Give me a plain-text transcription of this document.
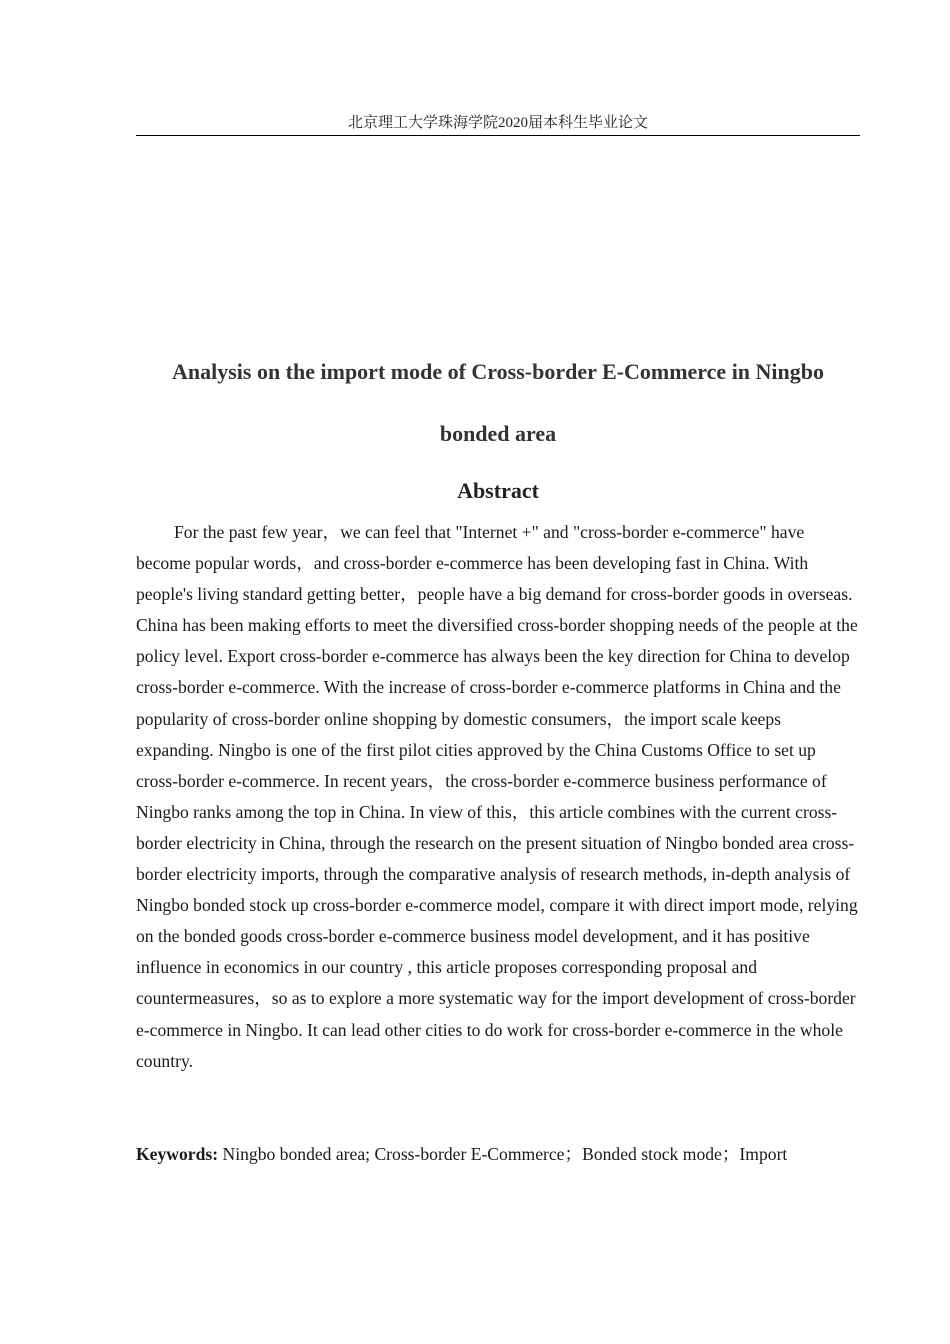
北京理工大学珠海学院2020届本科生毕业论文
Analysis on the import mode of Cross-border E-Commerce in Ningbo
bonded area
Abstract

For the past few year，we can feel that "Internet +" and "cross-border e-commerce" have become popular words，and cross-border e-commerce has been developing fast in China. With people's living standard getting better，people have a big demand for cross-border goods in overseas. China has been making efforts to meet the diversified cross-border shopping needs of the people at the policy level. Export cross-border e-commerce has always been the key direction for China to develop cross-border e-commerce. With the increase of cross-border e-commerce platforms in China and the popularity of cross-border online shopping by domestic consumers，the import scale keeps expanding. Ningbo is one of the first pilot cities approved by the China Customs Office to set up cross-border e-commerce. In recent years，the cross-border e-commerce business performance of Ningbo ranks among the top in China. In view of this，this article combines with the current cross-border electricity in China, through the research on the present situation of Ningbo bonded area cross-border electricity imports, through the comparative analysis of research methods, in-depth analysis of Ningbo bonded stock up cross-border e-commerce model, compare it with direct import mode, relying on the bonded goods cross-border e-commerce business model development, and it has positive influence in economics in our country , this article proposes corresponding proposal and countermeasures，so as to explore a more systematic way for the import development of cross-border e-commerce in Ningbo. It can lead other cities to do work for cross-border e-commerce in the whole country.

Keywords: Ningbo bonded area; Cross-border E-Commerce；Bonded stock mode；Import
